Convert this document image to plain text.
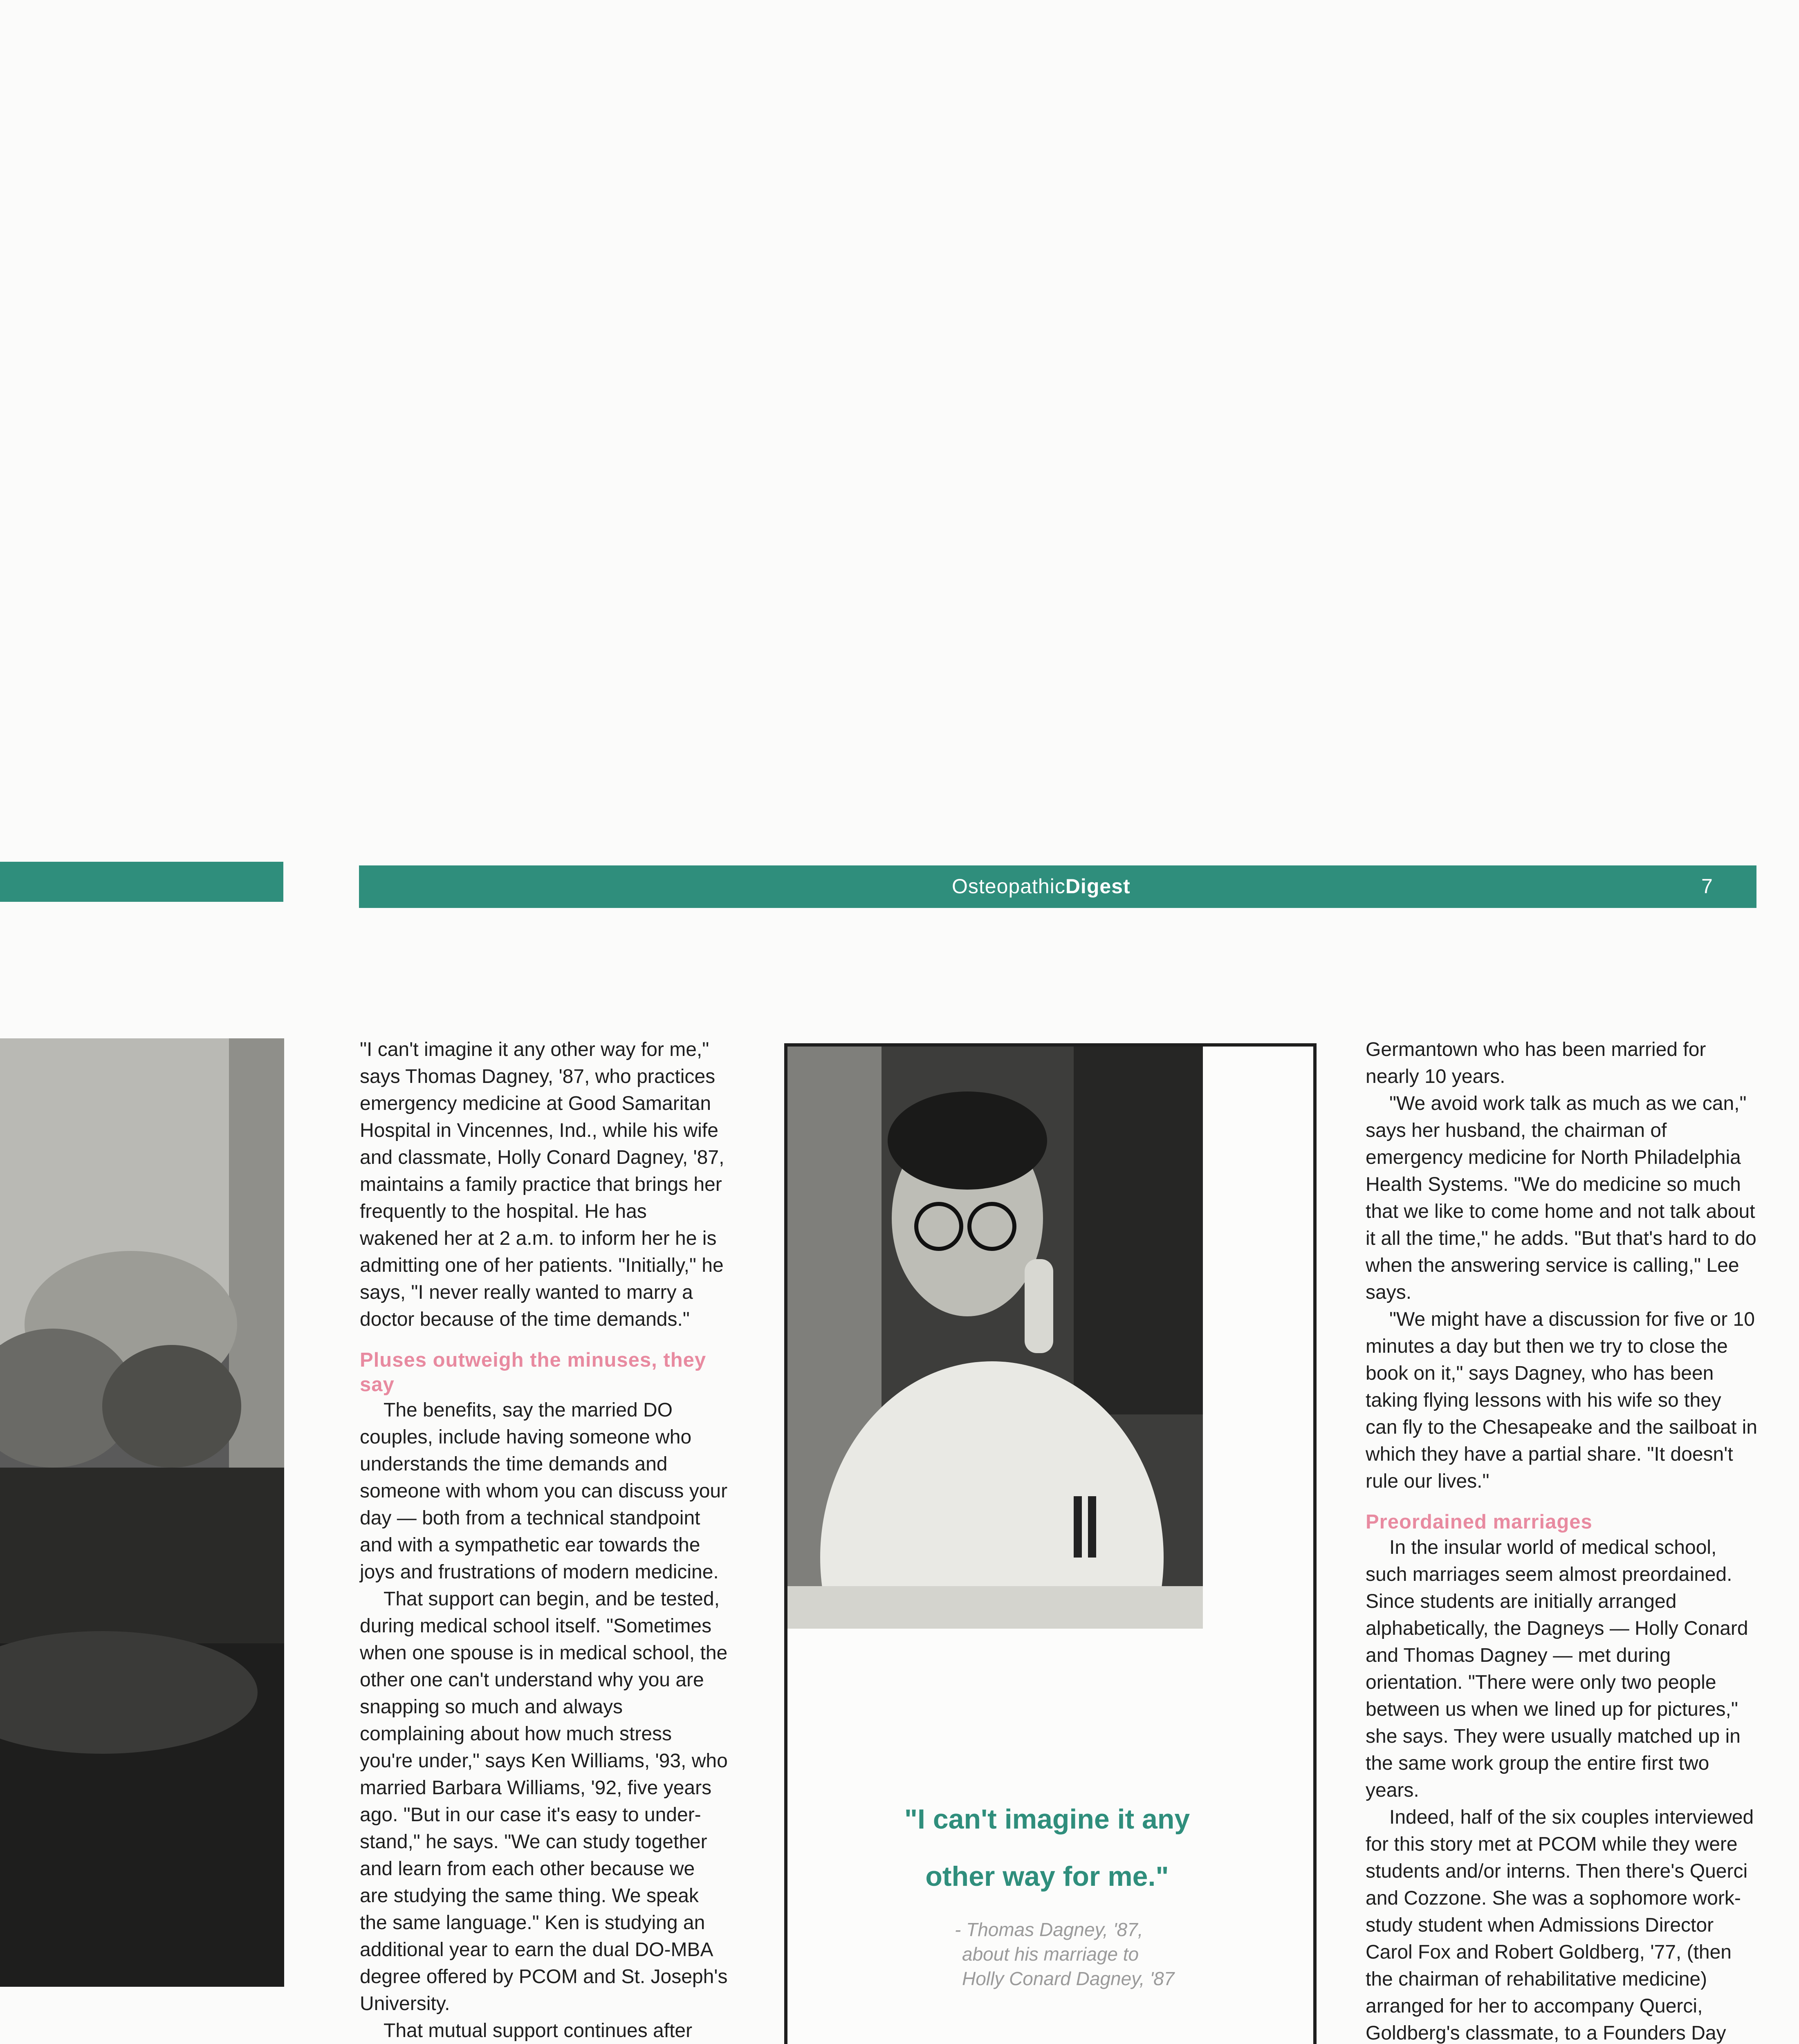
OsteopathicDigest	7

"I can't imagine it any other way for me," says Thomas Dagney, '87, who practices emergency medicine at Good Samaritan Hospital in Vincennes, Ind., while his wife and classmate, Holly Conard Dagney, '87, maintains a family practice that brings her frequently to the hospital. He has wakened her at 2 a.m. to inform her he is admitting one of her patients. "Initially," he says, "I never really wanted to marry a doctor because of the time demands."

Pluses outweigh the minuses, they say

The benefits, say the married DO couples, include having someone who understands the time demands and someone with whom you can discuss your day — both from a technical standpoint and with a sympathetic ear towards the joys and frustrations of modern medicine.

That support can begin, and be tested, during medical school itself. "Sometimes when one spouse is in medical school, the other one can't understand why you are snapping so much and always complaining about how much stress you're under," says Ken Williams, '93, who married Barbara Williams, '92, five years ago. "But in our case it's easy to under-stand," he says. "We can study together and learn from each other because we are studying the same thing. We speak the same language." Ken is studying an additional year to earn the dual DO-MBA degree offered by PCOM and St. Joseph's University.

That mutual support continues after

"I can't imagine it any
other way for me."
- Thomas Dagney, '87,
about his marriage to
Holly Conard Dagney, '87

Germantown who has been married for nearly 10 years.

"We avoid work talk as much as we can," says her husband, the chairman of emergency medicine for North Philadelphia Health Systems. "We do medicine so much that we like to come home and not talk about it all the time," he adds. "But that's hard to do when the answering service is calling," Lee says.

"We might have a discussion for five or 10 minutes a day but then we try to close the book on it," says Dagney, who has been taking flying lessons with his wife so they can fly to the Chesapeake and the sailboat in which they have a partial share. "It doesn't rule our lives."

Preordained marriages

In the insular world of medical school, such marriages seem almost preordained. Since students are initially arranged alphabetically, the Dagneys — Holly Conard and Thomas Dagney — met during orientation. "There were only two people between us when we lined up for pictures," she says. They were usually matched up in the same work group the entire first two years.

Indeed, half of the six couples interviewed for this story met at PCOM while they were students and/or interns. Then there's Querci and Cozzone. She was a sophomore work-study student when Admissions Director Carol Fox and Robert Goldberg, '77, (then the chairman of rehabilitative medicine) arranged for her to accompany Querci, Goldberg's classmate, to a Founders Day
